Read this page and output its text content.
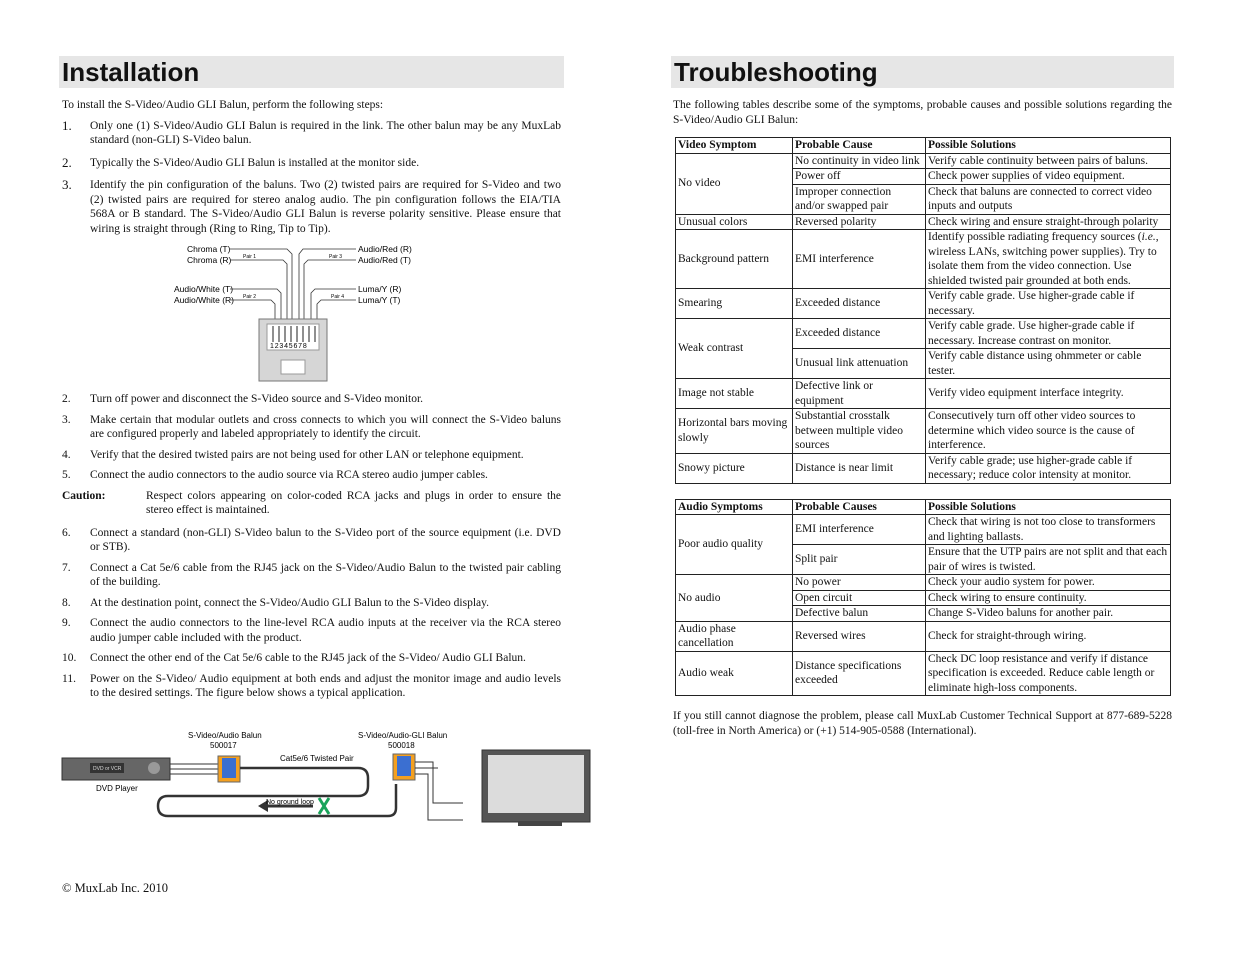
Installation
To install the S-Video/Audio GLI Balun, perform the following steps:
1. Only one (1) S-Video/Audio GLI Balun is required in the link. The other balun may be any MuxLab standard (non-GLI) S-Video balun.
2. Typically the S-Video/Audio GLI Balun is installed at the monitor side.
3. Identify the pin configuration of the baluns. Two (2) twisted pairs are required for S-Video and two (2) twisted pairs are required for stereo analog audio. The pin configuration follows the EIA/TIA 568A or B standard. The S-Video/Audio GLI Balun is reverse polarity sensitive. Please ensure that wiring is straight through (Ring to Ring, Tip to Tip).
Chroma (T)
Chroma (R)
Audio/White (T)
Audio/White (R)
Audio/Red (R)
Audio/Red (T)
Luma/Y (R)
Luma/Y (T)
Pair 1	Pair 3
Pair 2	Pair 4
12345678
2. Turn off power and disconnect the S-Video source and S-Video monitor.
3. Make certain that modular outlets and cross connects to which you will connect the S-Video baluns are configured properly and labeled appropriately to identify the circuit.
4. Verify that the desired twisted pairs are not being used for other LAN or telephone equipment.
5. Connect the audio connectors to the audio source via RCA stereo audio jumper cables.
Caution:	Respect colors appearing on color-coded RCA jacks and plugs in order to ensure the stereo effect is maintained.
6. Connect a standard (non-GLI) S-Video balun to the S-Video port of the source equipment (i.e. DVD or STB).
7. Connect a Cat 5e/6 cable from the RJ45 jack on the S-Video/Audio Balun to the twisted pair cabling of the building.
8. At the destination point, connect the S-Video/Audio GLI Balun to the S-Video display.
9. Connect the audio connectors to the line-level RCA audio inputs at the receiver via the RCA stereo audio jumper cable included with the product.
10. Connect the other end of the Cat 5e/6 cable to the RJ45 jack of the S-Video/ Audio GLI Balun.
11. Power on the S-Video/ Audio equipment at both ends and adjust the monitor image and audio levels to the desired settings. The figure below shows a typical application.
S-Video/Audio Balun
500017
S-Video/Audio-GLI Balun
500018
Cat5e/6 Twisted Pair
DVD or VCR
DVD Player
No ground loop
© MuxLab Inc. 2010
Troubleshooting
The following tables describe some of the symptoms, probable causes and possible solutions regarding the S-Video/Audio GLI Balun:
Video Symptom	Probable Cause	Possible Solutions
No video	No continuity in video link	Verify cable continuity between pairs of baluns.
	Power off	Check power supplies of video equipment.
	Improper connection and/or swapped pair	Check that baluns are connected to correct video inputs and outputs
Unusual colors	Reversed polarity	Check wiring and ensure straight-through polarity
Background pattern	EMI interference	Identify possible radiating frequency sources (i.e., wireless LANs, switching power supplies). Try to isolate them from the video connection. Use shielded twisted pair grounded at both ends.
Smearing	Exceeded distance	Verify cable grade. Use higher-grade cable if necessary.
Weak contrast	Exceeded distance	Verify cable grade. Use higher-grade cable if necessary. Increase contrast on monitor.
	Unusual link attenuation	Verify cable distance using ohmmeter or cable tester.
Image not stable	Defective link or equipment	Verify video equipment interface integrity.
Horizontal bars moving slowly	Substantial crosstalk between multiple video sources	Consecutively turn off other video sources to determine which video source is the cause of interference.
Snowy picture	Distance is near limit	Verify cable grade; use higher-grade cable if necessary; reduce color intensity at monitor.
Audio Symptoms	Probable Causes	Possible Solutions
Poor audio quality	EMI interference	Check that wiring is not too close to transformers and lighting ballasts.
	Split pair	Ensure that the UTP pairs are not split and that each pair of wires is twisted.
No audio	No power	Check your audio system for power.
	Open circuit	Check wiring to ensure continuity.
	Defective balun	Change S-Video baluns for another pair.
Audio phase cancellation	Reversed wires	Check for straight-through wiring.
Audio weak	Distance specifications exceeded	Check DC loop resistance and verify if distance specification is exceeded. Reduce cable length or eliminate high-loss components.
If you still cannot diagnose the problem, please call MuxLab Customer Technical Support at 877-689-5228 (toll-free in North America) or (+1) 514-905-0588 (International).
